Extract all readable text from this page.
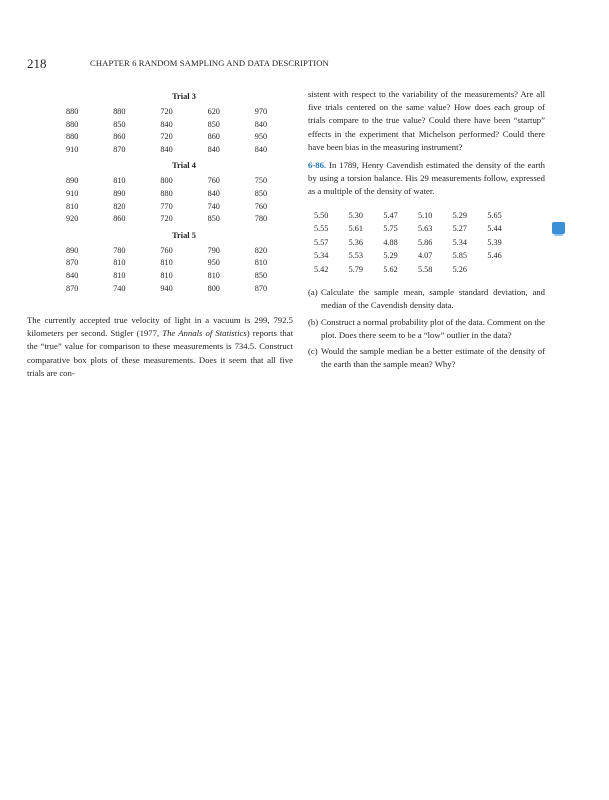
218	CHAPTER 6 RANDOM SAMPLING AND DATA DESCRIPTION
Trial 3
880	880	720	620	970
880	850	840	850	840
880	860	720	860	950
910	870	840	840	840
Trial 4
890	810	800	760	750
910	890	880	840	850
810	820	770	740	760
920	860	720	850	780
Trial 5
890	780	760	790	820
870	810	810	950	810
840	810	810	810	850
870	740	940	800	870
The currently accepted true velocity of light in a vacuum is 299, 792.5 kilometers per second. Stigler (1977, The Annals of Statistics) reports that the “true” value for comparison to these measurements is 734.5. Construct comparative box plots of these measurements. Does it seem that all five trials are con-

sistent with respect to the variability of the measurements? Are all five trials centered on the same value? How does each group of trials compare to the true value? Could there have been “startup” effects in the experiment that Michelson performed? Could there have been bias in the measuring instrument?

6-86. In 1789, Henry Cavendish estimated the density of the earth by using a torsion balance. His 29 measurements follow, expressed as a multiple of the density of water.

5.50	5.30	5.47	5.10	5.29	5.65
5.55	5.61	5.75	5.63	5.27	5.44
5.57	5.36	4.88	5.86	5.34	5.39
5.34	5.53	5.29	4.07	5.85	5.46
5.42	5.79	5.62	5.58	5.26
(a) Calculate the sample mean, sample standard deviation, and median of the Cavendish density data.
(b) Construct a normal probability plot of the data. Comment on the plot. Does there seem to be a “low” outlier in the data?
(c) Would the sample median be a better estimate of the density of the earth than the sample mean? Why?
